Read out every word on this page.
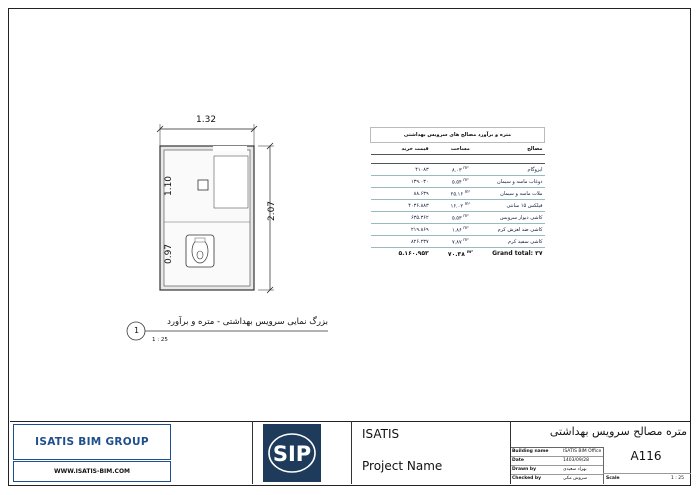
1.32
2.07
1.10
0.97
1
بزرگ نمایی سرویس بهداشتی - متره و برآورد
1 : 25
متره و برآورد مصالح های سرویس بهداشتی		
قیمت خرید	مساحت	مصالح

۴۱۰۸۳	۸.۰۳ $^{m^2}$	ایزوگام
۱۳۹.۰۳۰	۵.۵۴ $^{m^2}$	دوغاب ماسه و سیمان
۸۸.۶۳۹	۲۵.۱۶ $^{m^2}$	ملات ماسه و سیمان
۴۰۳۶.۸۸۳	۱۶.۰۲ $^{m^2}$	فیلکس ۱۵ سانتی
۶۳۵.۳۶۲	۵.۵۳ $^{m^2}$	کاشی دیوار سرویس
۲۱۹.۸۶۹	۱.۸۶ $^{m^2}$	کاشی ضد لغزش کرم
۸۲۶.۲۳۷	۷.۸۷ $^{m^2}$	کاشی سفید کرم
۵.۱۶۰.۹۵۳	۷۰.۳۸ $^{m^2}$	Grand total: ۳۷
ISATIS BIM GROUP
WWW.ISATIS-BIM.COM
SIP
ISATIS
Project Name
متره مصالح سرویس بهداشتی
Building name	ISATIS BIM Office
Date	1403/09/28
Drawn by	بهزاد سعیدی
Checked by	سروش مکی
A116
Scale	1 : 25
